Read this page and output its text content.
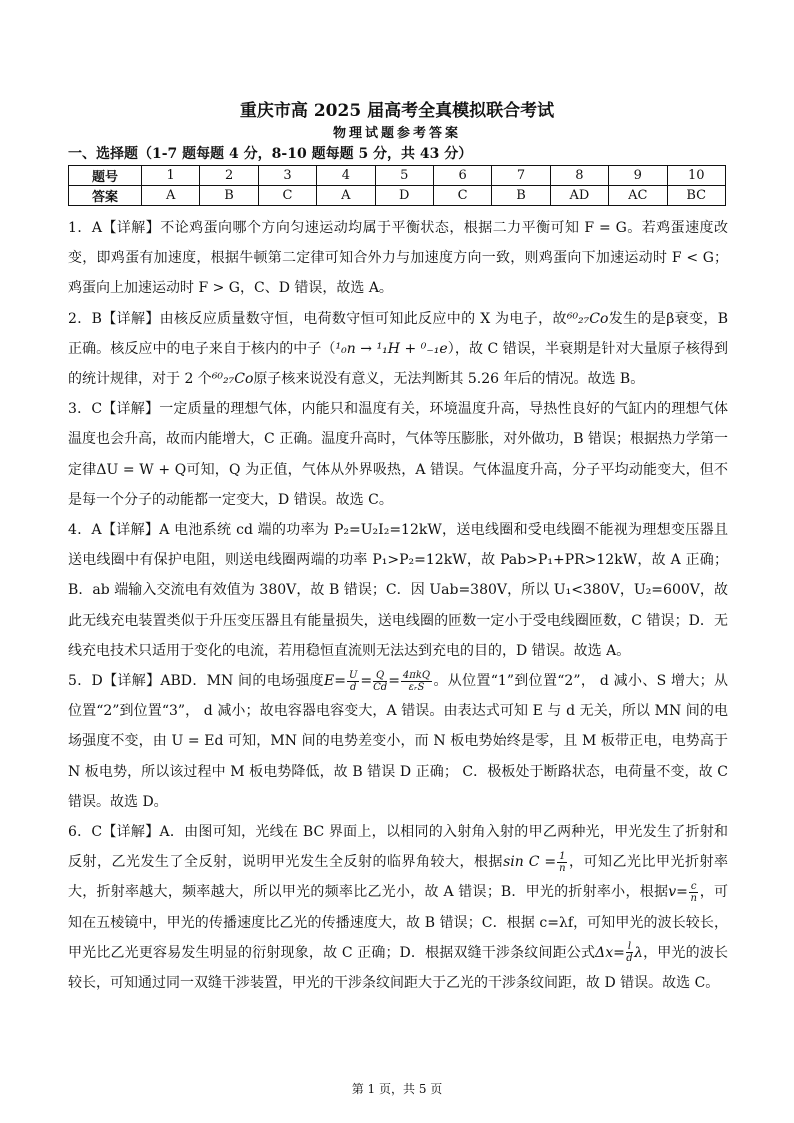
重庆市高 2025 届高考全真模拟联合考试
物理试题参考答案
一、选择题（1-7 题每题 4 分，8-10 题每题 5 分，共 43 分）
题号	1	2	3	4	5	6	7	8	9	10
答案	A	B	C	A	D	C	B	AD	AC	BC

1．A【详解】不论鸡蛋向哪个方向匀速运动均属于平衡状态，根据二力平衡可知 F = G。若鸡蛋速度改变，即鸡蛋有加速度，根据牛顿第二定律可知合外力与加速度方向一致，则鸡蛋向下加速运动时 F < G；鸡蛋向上加速运动时 F > G，C、D 错误，故选 A。

2．B【详解】由核反应质量数守恒，电荷数守恒可知此反应中的 X 为电子，故⁶⁰₂₇Co发生的是β衰变，B 正确。核反应中的电子来自于核内的中子（¹₀n → ¹₁H + ⁰₋₁e），故 C 错误，半衰期是针对大量原子核得到的统计规律，对于 2 个⁶⁰₂₇Co原子核来说没有意义，无法判断其 5.26 年后的情况。故选 B。

3．C【详解】一定质量的理想气体，内能只和温度有关，环境温度升高，导热性良好的气缸内的理想气体温度也会升高，故而内能增大，C 正确。温度升高时，气体等压膨胀，对外做功，B 错误；根据热力学第一定律ΔU = W + Q可知，Q 为正值，气体从外界吸热，A 错误。气体温度升高，分子平均动能变大，但不是每一个分子的动能都一定变大，D 错误。故选 C。

4．A【详解】A 电池系统 cd 端的功率为 P₂=U₂I₂=12kW，送电线圈和受电线圈不能视为理想变压器且送电线圈中有保护电阻，则送电线圈两端的功率 P₁>P₂=12kW，故 Pab>P₁+PR>12kW，故 A 正确；B．ab 端输入交流电有效值为 380V，故 B 错误；C．因 Uab=380V，所以 U₁<380V，U₂=600V，故此无线充电装置类似于升压变压器且有能量损失，送电线圈的匝数一定小于受电线圈匝数，C 错误；D．无线充电技术只适用于变化的电流，若用稳恒直流则无法达到充电的目的，D 错误。故选 A。

5．D【详解】ABD．MN 间的电场强度$E= \frac{U}{d} = \frac{Q}{Cd} = \frac{\text{4πkQ}}{\text{εᵣS}}$ 。从位置“1”到位置“2”， d 减小、S 增大；从位置“2”到位置“3”， d 减小；故电容器电容变大，A 错误。由表达式可知 E 与 d 无关，所以 MN 间的电场强度不变，由 U = Ed 可知，MN 间的电势差变小，而 N 板电势始终是零，且 M 板带正电，电势高于 N 板电势，所以该过程中 M 板电势降低，故 B 错误 D 正确； C．极板处于断路状态，电荷量不变，故 C 错误。故选 D。

6．C【详解】A．由图可知，光线在 BC 界面上，以相同的入射角入射的甲乙两种光，甲光发生了折射和反射，乙光发生了全反射，说明甲光发生全反射的临界角较大，根据$\sin C = \frac{1}{n}$ ，可知乙光比甲光折射率大，折射率越大，频率越大，所以甲光的频率比乙光小，故 A 错误；B．甲光的折射率小，根据$v= \frac{c}{n}$ ，可知在五棱镜中，甲光的传播速度比乙光的传播速度大，故 B 错误；C．根据 c=λf，可知甲光的波长较长，甲光比乙光更容易发生明显的衍射现象，故 C 正确；D．根据双缝干涉条纹间距公式$\Delta x= \frac{l}{d}$ λ，甲光的波长较长，可知通过同一双缝干涉装置，甲光的干涉条纹间距大于乙光的干涉条纹间距，故 D 错误。故选 C。

第 1 页，共 5 页
